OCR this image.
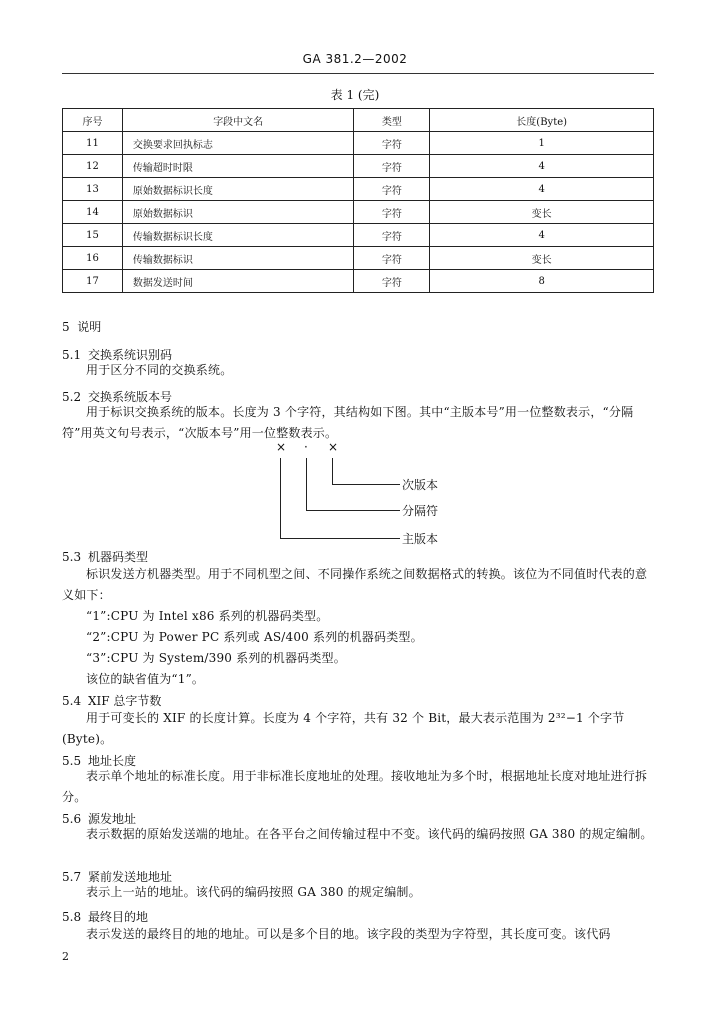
GA 381.2—2002
表 1 (完)
序号	字段中文名	类型	长度(Byte)
11	交换要求回执标志	字符	1
12	传输超时时限	字符	4
13	原始数据标识长度	字符	4
14	原始数据标识	字符	变长
15	传输数据标识长度	字符	4
16	传输数据标识	字符	变长
17	数据发送时间	字符	8
5 说明
5.1 交换系统识别码
用于区分不同的交换系统。
5.2 交换系统版本号
用于标识交换系统的版本。长度为 3 个字符，其结构如下图。其中“主版本号”用一位整数表示，“分隔符”用英文句号表示，“次版本号”用一位整数表示。
× · ×
次版本
分隔符
主版本
5.3 机器码类型
标识发送方机器类型。用于不同机型之间、不同操作系统之间数据格式的转换。该位为不同值时代表的意义如下：
“1”:CPU 为 Intel x86 系列的机器码类型。
“2”:CPU 为 Power PC 系列或 AS/400 系列的机器码类型。
“3”:CPU 为 System/390 系列的机器码类型。
该位的缺省值为“1”。
5.4 XIF 总字节数
用于可变长的 XIF 的长度计算。长度为 4 个字符，共有 32 个 Bit，最大表示范围为 2³²−1 个字节(Byte)。
5.5 地址长度
表示单个地址的标准长度。用于非标准长度地址的处理。接收地址为多个时，根据地址长度对地址进行拆分。
5.6 源发地址
表示数据的原始发送端的地址。在各平台之间传输过程中不变。该代码的编码按照 GA 380 的规定编制。
5.7 紧前发送地地址
表示上一站的地址。该代码的编码按照 GA 380 的规定编制。
5.8 最终目的地
表示发送的最终目的地的地址。可以是多个目的地。该字段的类型为字符型，其长度可变。该代码
2
